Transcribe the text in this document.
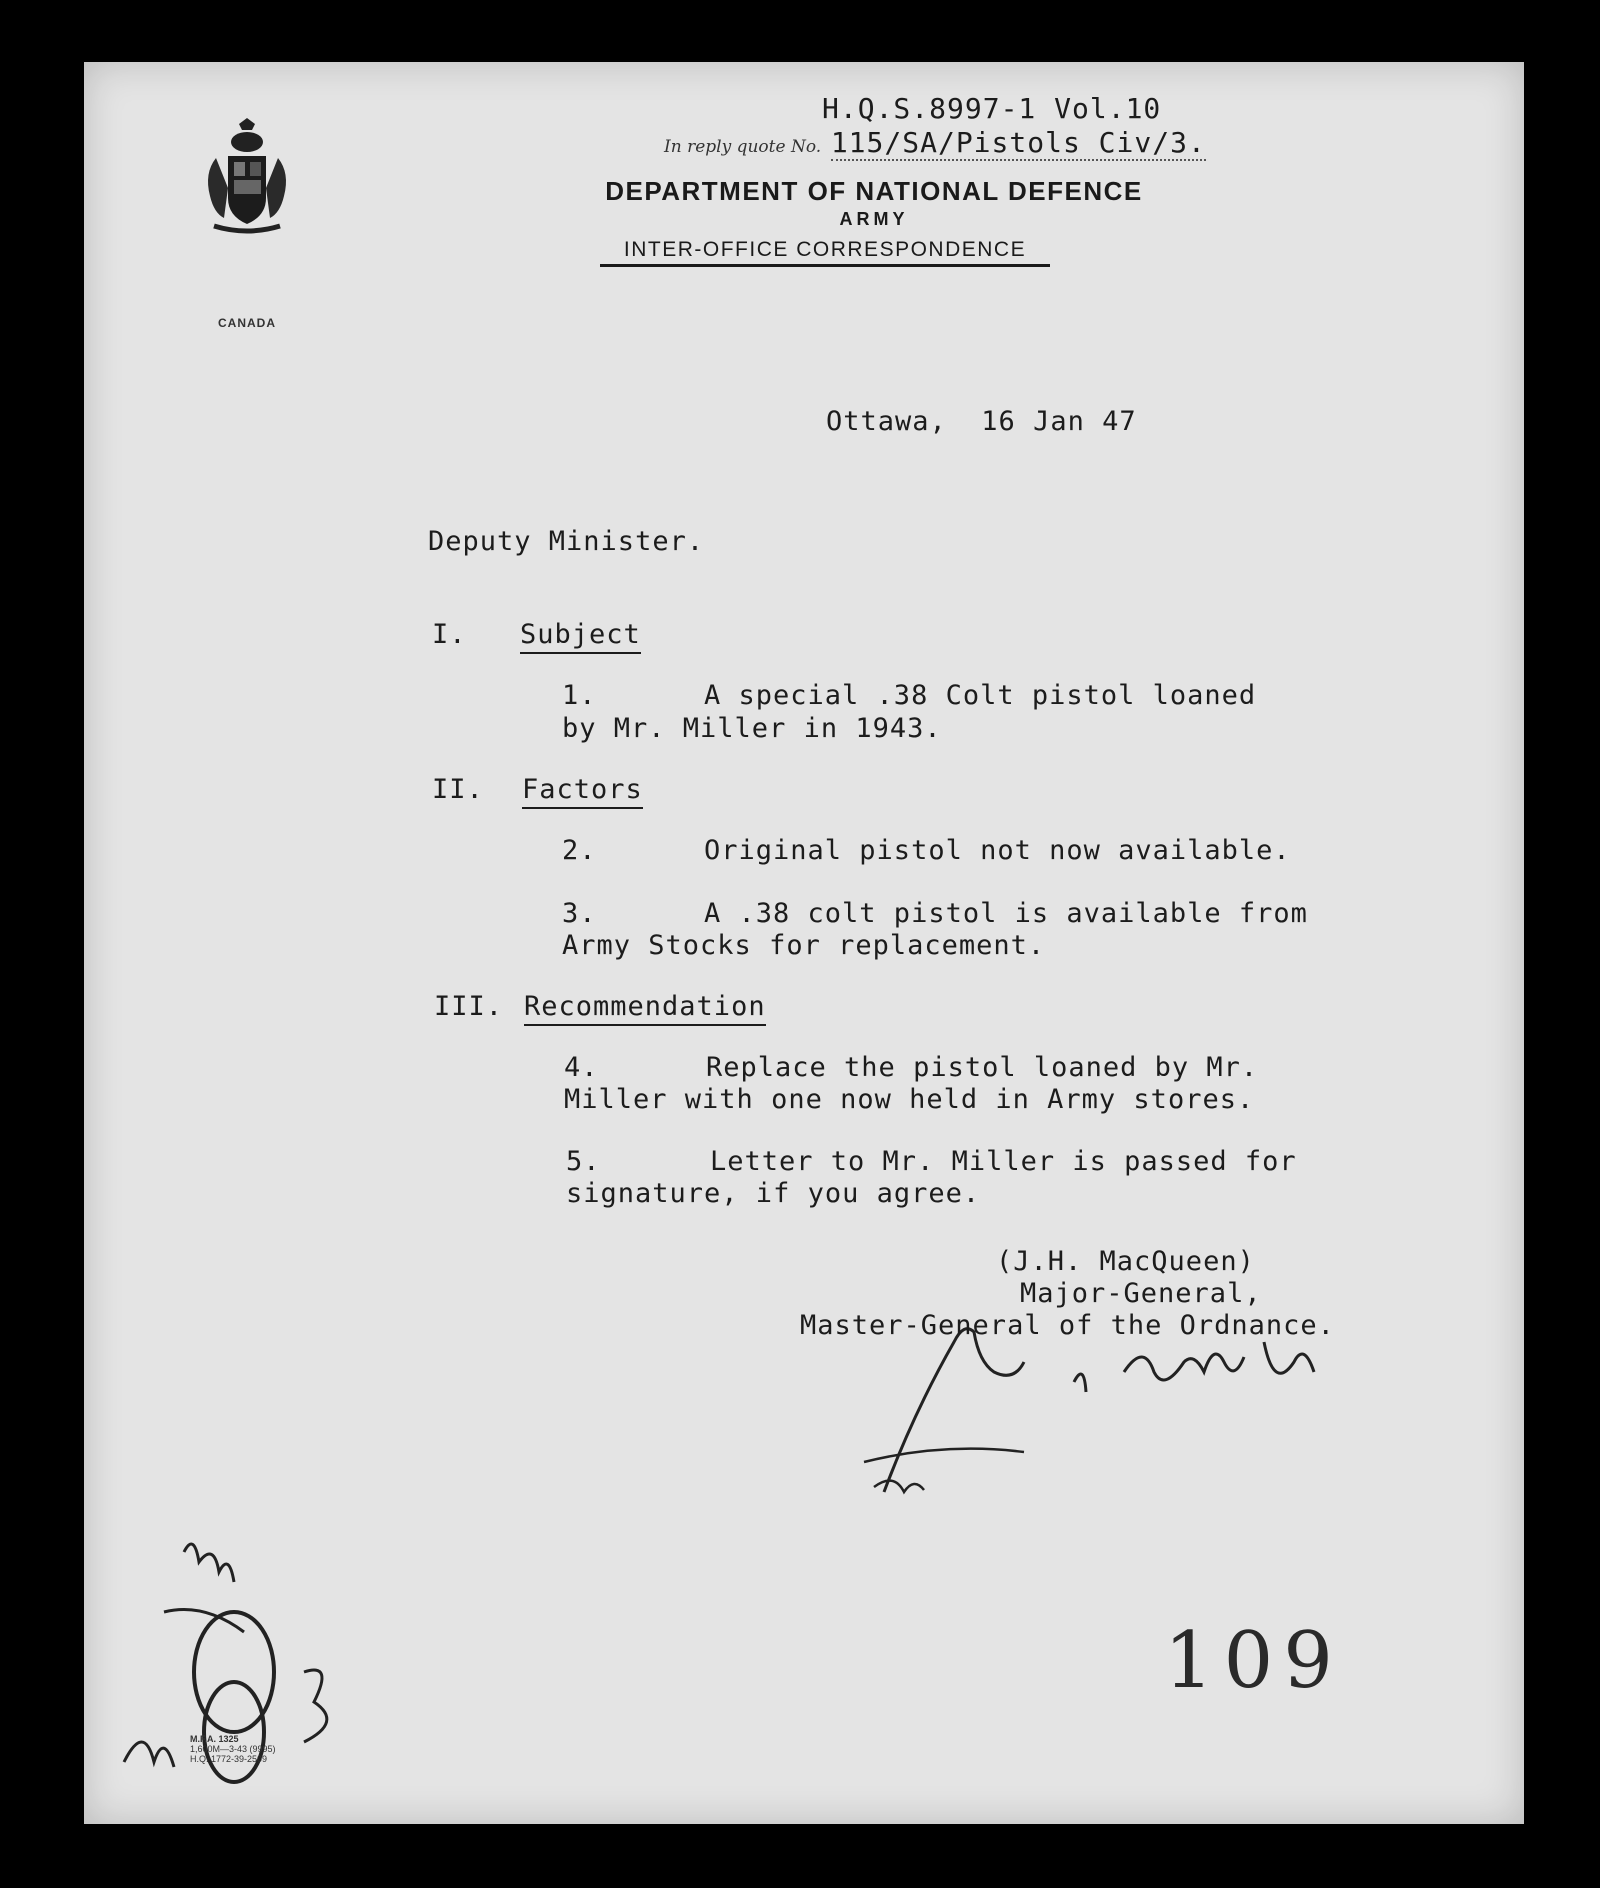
CANADA
H.Q.S.8997-1 Vol.10
In reply quote No. 115/SA/Pistols Civ/3.
DEPARTMENT OF NATIONAL DEFENCE
ARMY
INTER-OFFICE CORRESPONDENCE
Ottawa,  16 Jan 47
Deputy Minister.
I. Subject
1.	A special .38 Colt pistol loaned
by Mr. Miller in 1943.
II. Factors
2.	Original pistol not now available.
3.	A .38 colt pistol is available from
Army Stocks for replacement.
III. Recommendation
4.	Replace the pistol loaned by Mr.
Miller with one now held in Army stores.
5.	Letter to Mr. Miller is passed for
signature, if you agree.
(J.H. MacQueen)
Major-General,
Master-General of the Ordnance.
M.F.A. 1325
1,600M—3-43 (9995)
H.Q. 1772-39-2509
109
